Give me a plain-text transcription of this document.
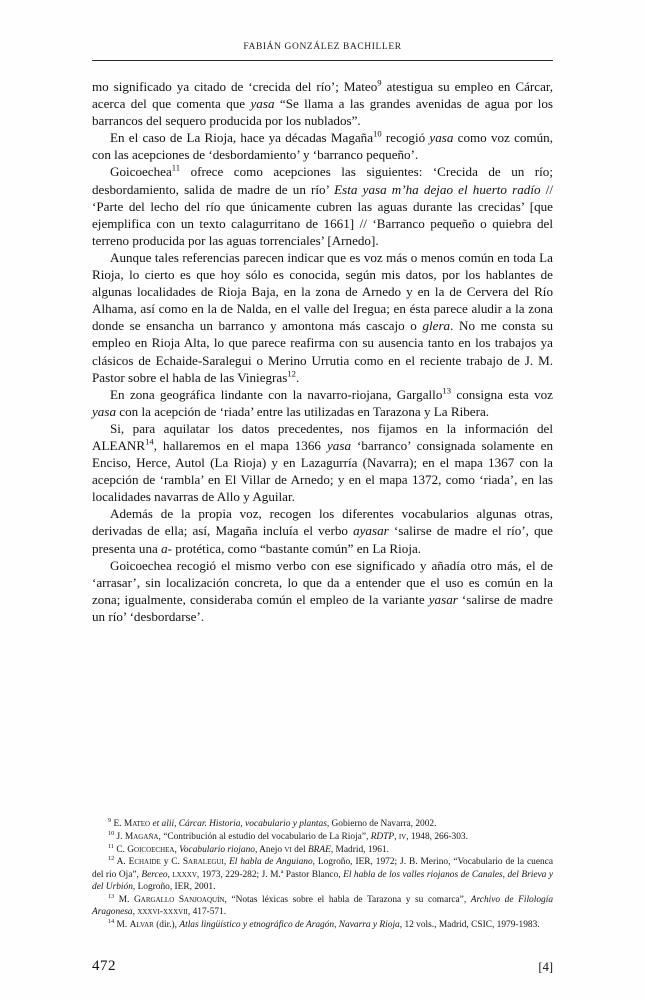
FABIÁN GONZÁLEZ BACHILLER

mo significado ya citado de ‘crecida del río’; Mateo$^9$ atestigua su empleo en Cárcar, acerca del que comenta que yasa “Se llama a las grandes avenidas de agua por los barrancos del sequero producida por los nublados”.

En el caso de La Rioja, hace ya décadas Magaña$^{10}$ recogió yasa como voz común, con las acepciones de ‘desbordamiento’ y ‘barranco pequeño’.

Goicoechea$^{11}$ ofrece como acepciones las siguientes: ‘Crecida de un río; desbordamiento, salida de madre de un río’ Esta yasa m’ha dejao el huerto radío // ‘Parte del lecho del río que únicamente cubren las aguas durante las crecidas’ [que ejemplifica con un texto calagurritano de 1661] // ‘Barranco pequeño o quiebra del terreno producida por las aguas torrenciales’ [Arnedo].

Aunque tales referencias parecen indicar que es voz más o menos común en toda La Rioja, lo cierto es que hoy sólo es conocida, según mis datos, por los hablantes de algunas localidades de Rioja Baja, en la zona de Arnedo y en la de Cervera del Río Alhama, así como en la de Nalda, en el valle del Iregua; en ésta parece aludir a la zona donde se ensancha un barranco y amontona más cascajo o glera. No me consta su empleo en Rioja Alta, lo que parece reafirma con su ausencia tanto en los trabajos ya clásicos de Echaide-Saralegui o Merino Urrutia como en el reciente trabajo de J. M. Pastor sobre el habla de las Viniegras$^{12}$.

En zona geográfica lindante con la navarro-riojana, Gargallo$^{13}$ consigna esta voz yasa con la acepción de ‘riada’ entre las utilizadas en Tarazona y La Ribera.

Si, para aquilatar los datos precedentes, nos fijamos en la información del ALEANR$^{14}$, hallaremos en el mapa 1366 yasa ‘barranco’ consignada solamente en Enciso, Herce, Autol (La Rioja) y en Lazagurría (Navarra); en el mapa 1367 con la acepción de ‘rambla’ en El Villar de Arnedo; y en el mapa 1372, como ‘riada’, en las localidades navarras de Allo y Aguilar.

Además de la propia voz, recogen los diferentes vocabularios algunas otras, derivadas de ella; así, Magaña incluía el verbo ayasar ‘salirse de madre el río’, que presenta una a- protética, como “bastante común” en La Rioja.

Goicoechea recogió el mismo verbo con ese significado y añadía otro más, el de ‘arrasar’, sin localización concreta, lo que da a entender que el uso es común en la zona; igualmente, consideraba común el empleo de la variante yasar ‘salirse de madre un río’ ‘desbordarse’.

$^9$ E. Mateo et alii, Cárcar. Historia, vocabulario y plantas, Gobierno de Navarra, 2002.

$^{10}$ J. Magaña, “Contribución al estudio del vocabulario de La Rioja”, RDTP, iv, 1948, 266-303.

$^{11}$ C. Goicoechea, Vocabulario riojano, Anejo vi del BRAE, Madrid, 1961.

$^{12}$ A. Echaide y C. Saralegui, El habla de Anguiano, Logroño, IER, 1972; J. B. Merino, “Vocabulario de la cuenca del río Oja”, Berceo, lxxxv, 1973, 229-282; J. M.ª Pastor Blanco, El habla de los valles riojanos de Canales, del Brieva y del Urbión, Logroño, IER, 2001.

$^{13}$ M. Gargallo Sanjoaquín, “Notas léxicas sobre el habla de Tarazona y su comarca”, Archivo de Filología Aragonesa, xxxvi-xxxvii, 417-571.

$^{14}$ M. Alvar (dir.), Atlas lingüístico y etnográfico de Aragón, Navarra y Rioja, 12 vols., Madrid, CSIC, 1979-1983.

472	[4]
